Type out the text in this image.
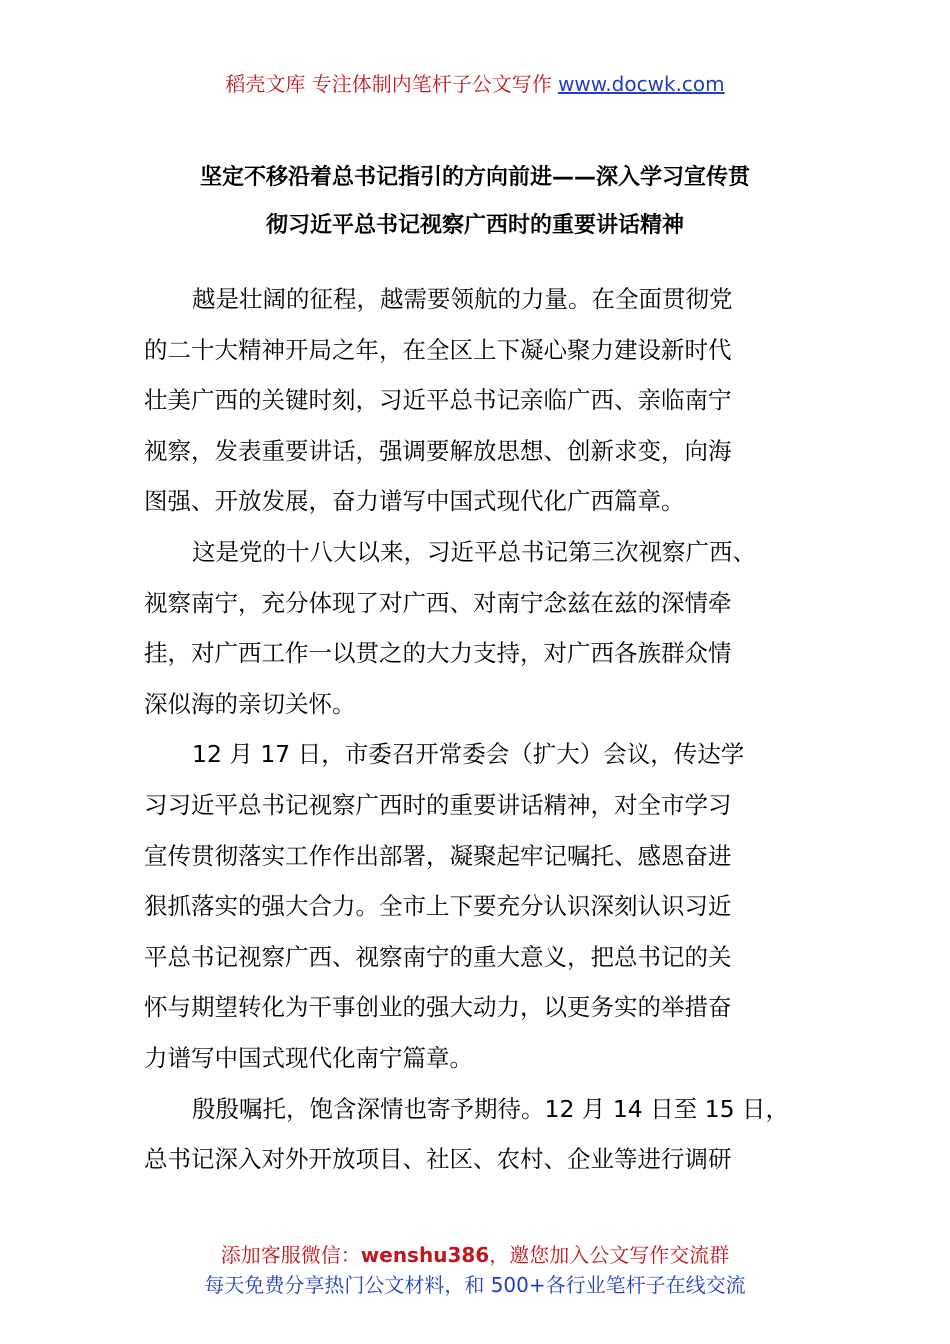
稻壳文库 专注体制内笔杆子公文写作 www.docwk.com
坚定不移沿着总书记指引的方向前进——深入学习宣传贯
彻习近平总书记视察广西时的重要讲话精神
越是壮阔的征程，越需要领航的力量。在全面贯彻党
的二十大精神开局之年，在全区上下凝心聚力建设新时代
壮美广西的关键时刻，习近平总书记亲临广西、亲临南宁
视察，发表重要讲话，强调要解放思想、创新求变，向海
图强、开放发展，奋力谱写中国式现代化广西篇章。
这是党的十八大以来，习近平总书记第三次视察广西、
视察南宁，充分体现了对广西、对南宁念兹在兹的深情牵
挂，对广西工作一以贯之的大力支持，对广西各族群众情
深似海的亲切关怀。
12 月 17 日，市委召开常委会（扩大）会议，传达学
习习近平总书记视察广西时的重要讲话精神，对全市学习
宣传贯彻落实工作作出部署，凝聚起牢记嘱托、感恩奋进
狠抓落实的强大合力。全市上下要充分认识深刻认识习近
平总书记视察广西、视察南宁的重大意义，把总书记的关
怀与期望转化为干事创业的强大动力，以更务实的举措奋
力谱写中国式现代化南宁篇章。
殷殷嘱托，饱含深情也寄予期待。12 月 14 日至 15 日，
总书记深入对外开放项目、社区、农村、企业等进行调研
添加客服微信：wenshu386，邀您加入公文写作交流群
每天免费分享热门公文材料，和 500+各行业笔杆子在线交流
